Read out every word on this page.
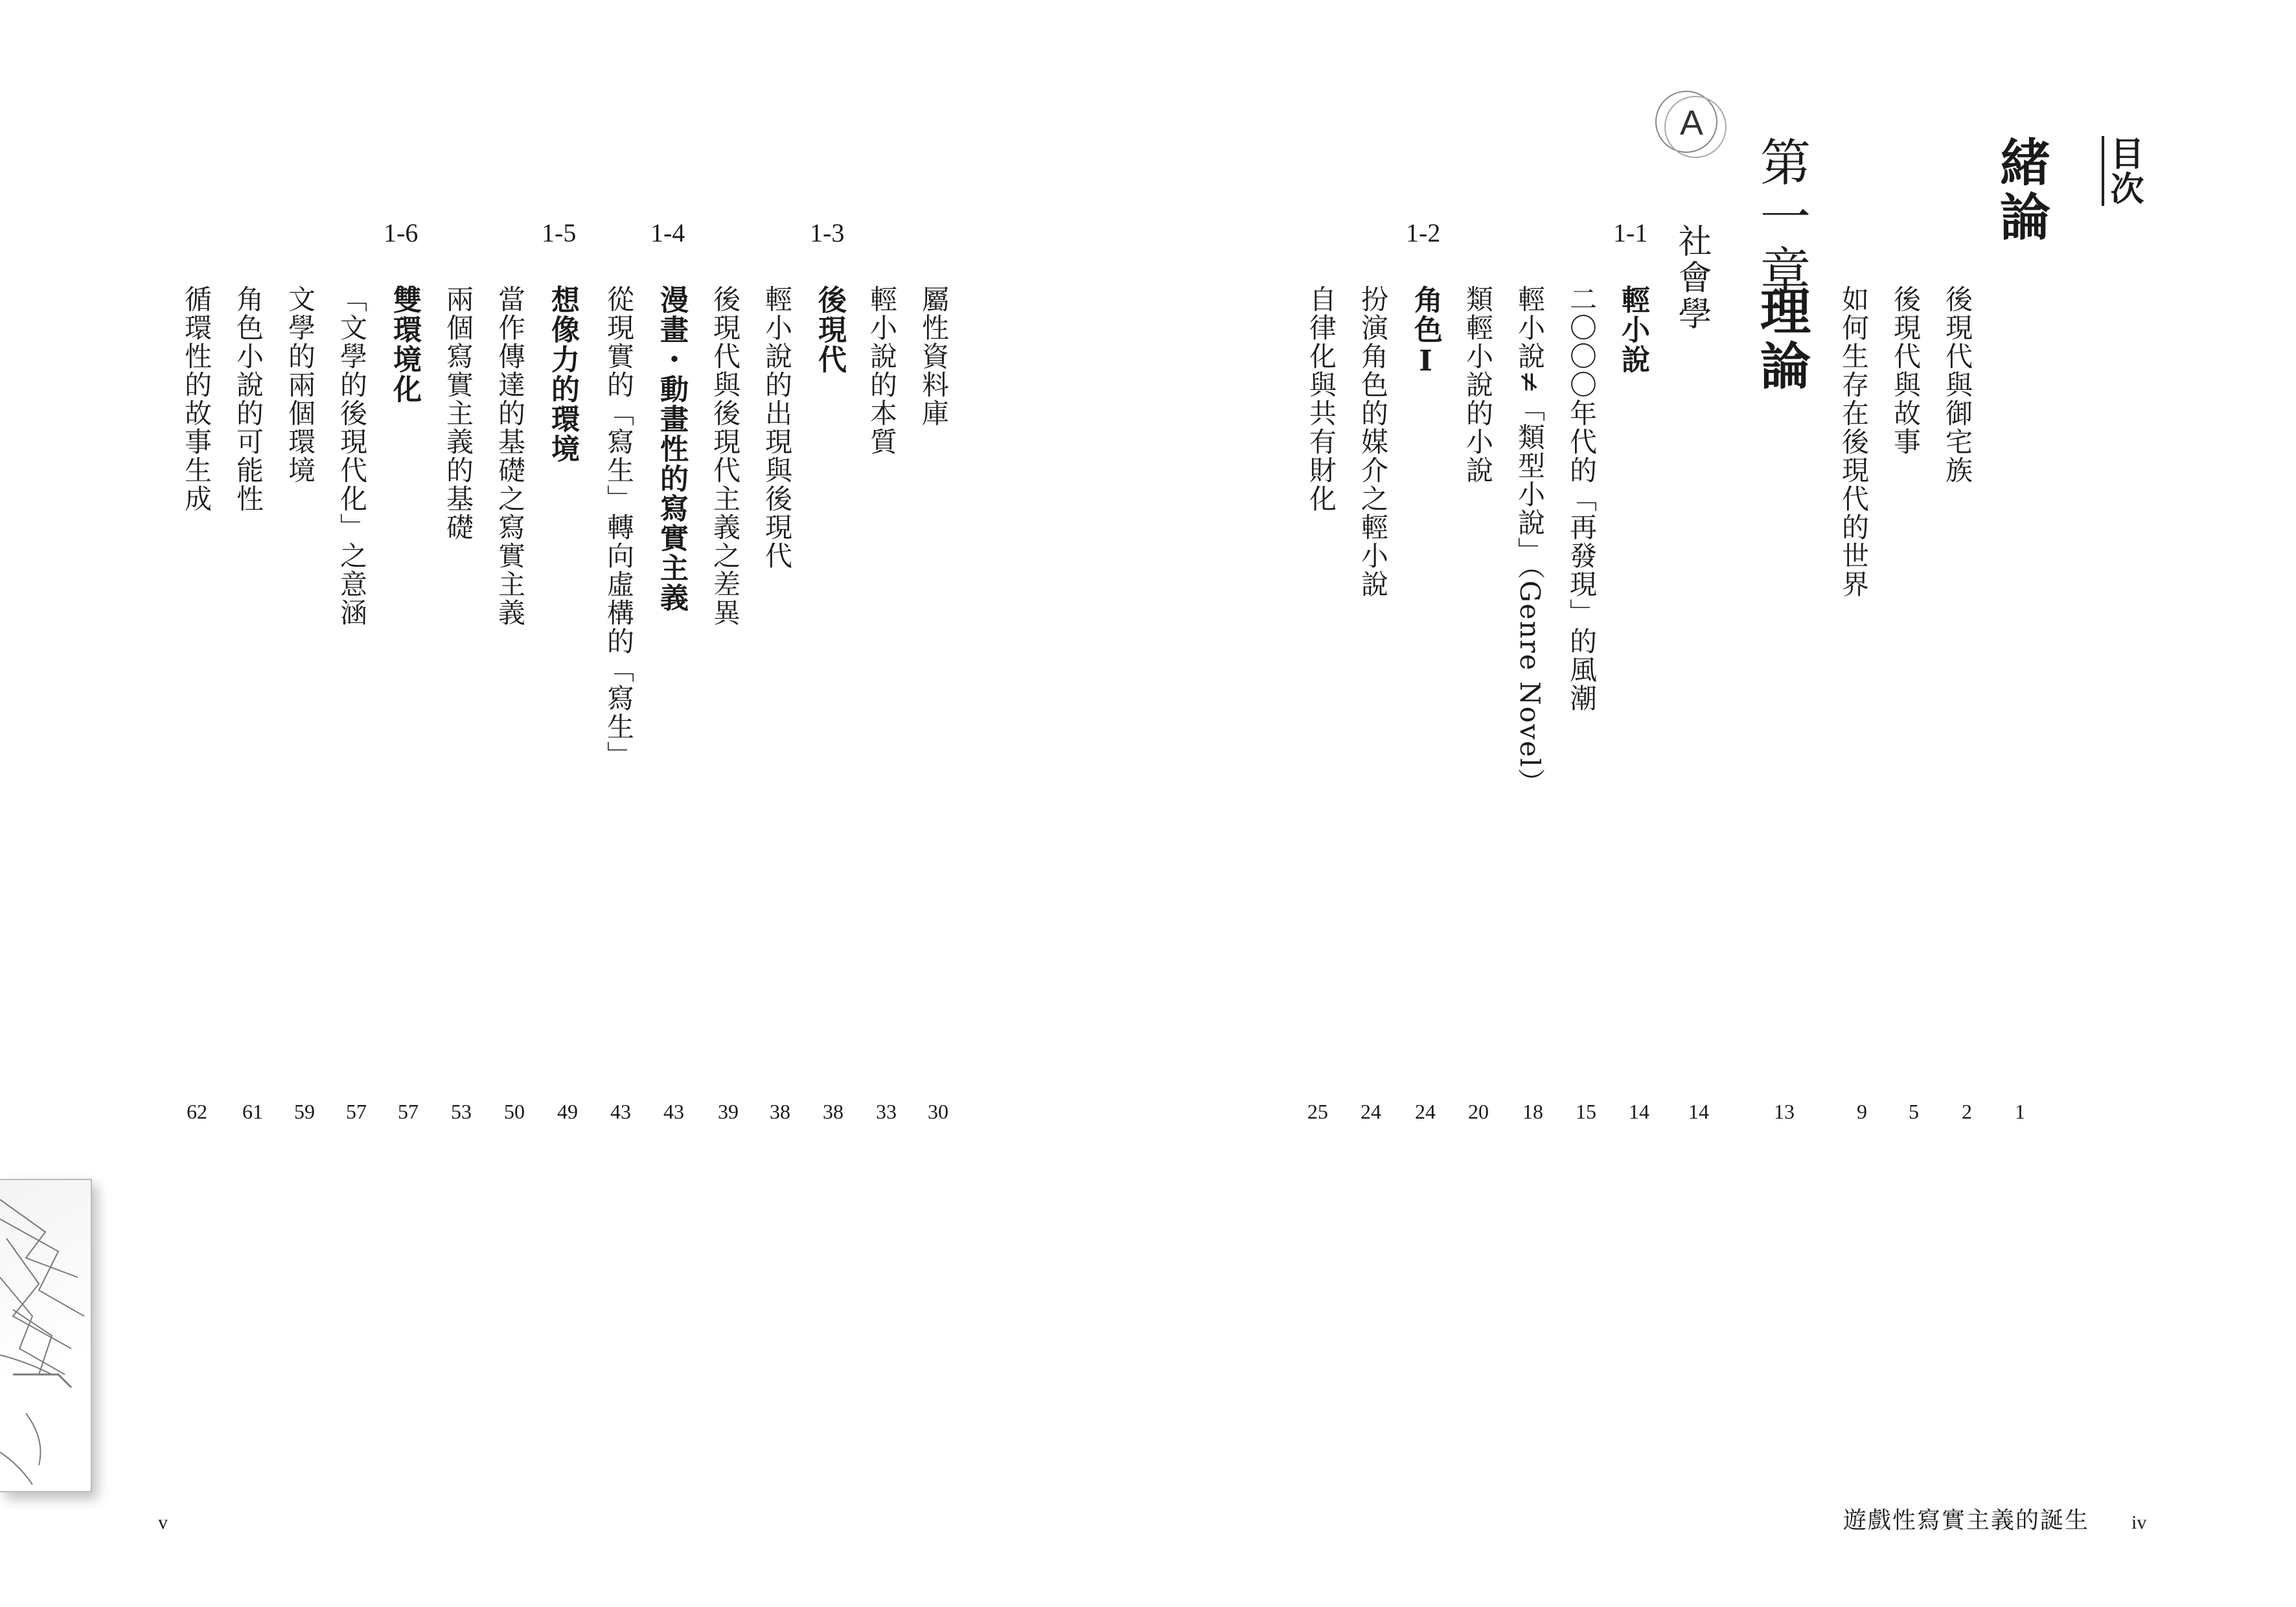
目次
緒論
後現代與御宅族
後現代與故事
如何生存在後現代的世界
第一章
理論
A
社會學
1-1
輕小說
二〇〇〇年代的「再發現」的風潮
輕小說≠「類型小說」（Genre Novel）
類輕小說的小說
1-2
角色Ⅰ
扮演角色的媒介之輕小說
自律化與共有財化
1
2
5
9
13
14
14
15
18
20
24
24
25
屬性資料庫
輕小說的本質
1-3
後現代
輕小說的出現與後現代
後現代與後現代主義之差異
1-4
漫畫・動畫性的寫實主義
從現實的「寫生」轉向虛構的「寫生」
1-5
想像力的環境
當作傳達的基礎之寫實主義
兩個寫實主義的基礎
1-6
雙環境化
「文學的後現代化」之意涵
文學的兩個環境
角色小說的可能性
循環性的故事生成
30
33
38
38
39
43
43
49
50
53
57
57
59
61
62
v	遊戲性寫實主義的誕生 iv
